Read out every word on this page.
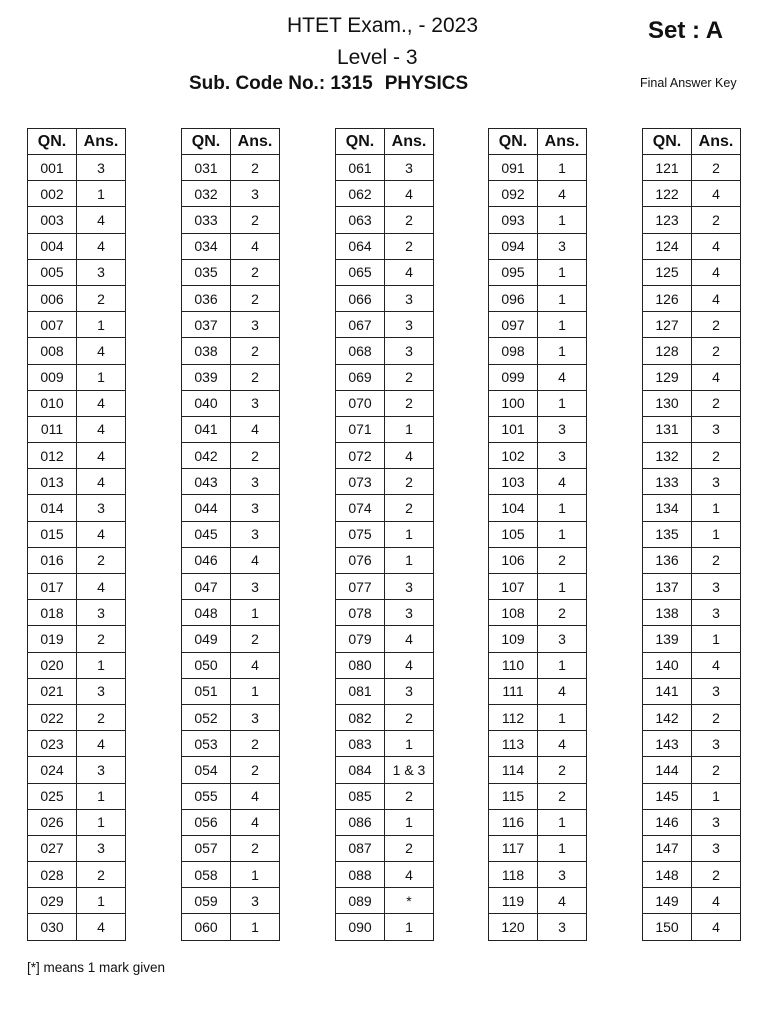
HTET Exam., - 2023
Level - 3
Sub. Code No.: 1315 PHYSICS
Set : A
Final Answer Key
QN.	Ans.
001	3
002	1
003	4
004	4
005	3
006	2
007	1
008	4
009	1
010	4
011	4
012	4
013	4
014	3
015	4
016	2
017	4
018	3
019	2
020	1
021	3
022	2
023	4
024	3
025	1
026	1
027	3
028	2
029	1
030	4
QN.	Ans.
031	2
032	3
033	2
034	4
035	2
036	2
037	3
038	2
039	2
040	3
041	4
042	2
043	3
044	3
045	3
046	4
047	3
048	1
049	2
050	4
051	1
052	3
053	2
054	2
055	4
056	4
057	2
058	1
059	3
060	1
QN.	Ans.
061	3
062	4
063	2
064	2
065	4
066	3
067	3
068	3
069	2
070	2
071	1
072	4
073	2
074	2
075	1
076	1
077	3
078	3
079	4
080	4
081	3
082	2
083	1
084	1 & 3
085	2
086	1
087	2
088	4
089	*
090	1
QN.	Ans.
091	1
092	4
093	1
094	3
095	1
096	1
097	1
098	1
099	4
100	1
101	3
102	3
103	4
104	1
105	1
106	2
107	1
108	2
109	3
110	1
111	4
112	1
113	4
114	2
115	2
116	1
117	1
118	3
119	4
120	3
QN.	Ans.
121	2
122	4
123	2
124	4
125	4
126	4
127	2
128	2
129	4
130	2
131	3
132	2
133	3
134	1
135	1
136	2
137	3
138	3
139	1
140	4
141	3
142	2
143	3
144	2
145	1
146	3
147	3
148	2
149	4
150	4
[*] means 1 mark given
